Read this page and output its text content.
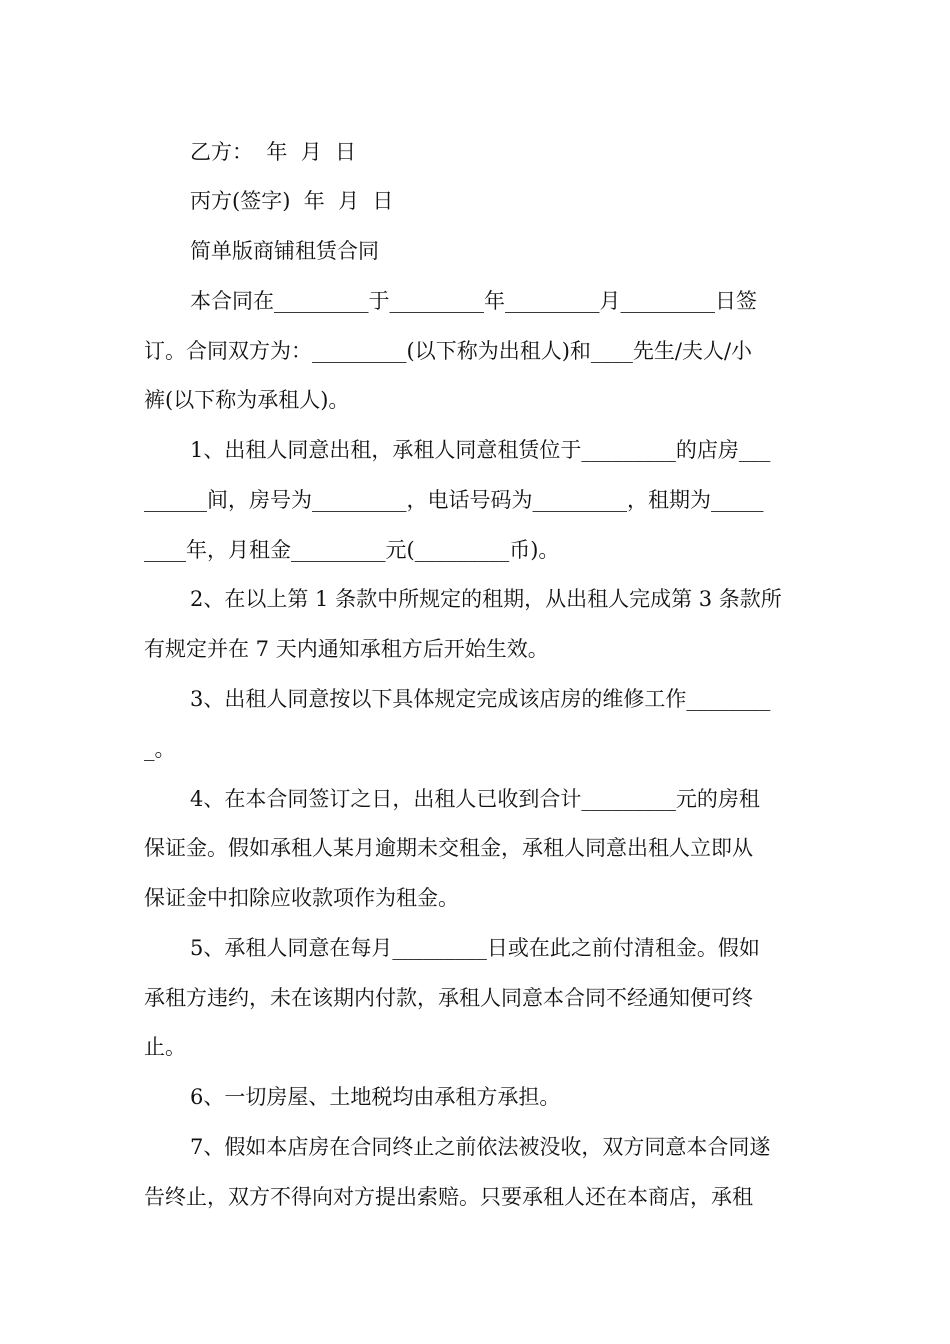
乙方：  年  月  日

丙方(签字)  年  月  日

简单版商铺租赁合同

本合同在_________于_________年_________月_________日签

订。合同双方为：_________(以下称为出租人)和____先生/夫人/小

裤(以下称为承租人)。

1、出租人同意出租，承租人同意租赁位于_________的店房___

______间，房号为_________，电话号码为_________，租期为_____

____年，月租金_________元(_________币)。

2、在以上第 1 条款中所规定的租期，从出租人完成第 3 条款所

有规定并在 7 天内通知承租方后开始生效。

3、出租人同意按以下具体规定完成该店房的维修工作________

_。

4、在本合同签订之日，出租人已收到合计_________元的房租

保证金。假如承租人某月逾期未交租金，承租人同意出租人立即从

保证金中扣除应收款项作为租金。

5、承租人同意在每月_________日或在此之前付清租金。假如

承租方违约，未在该期内付款，承租人同意本合同不经通知便可终

止。

6、一切房屋、土地税均由承租方承担。

7、假如本店房在合同终止之前依法被没收，双方同意本合同遂

告终止，双方不得向对方提出索赔。只要承租人还在本商店，承租
